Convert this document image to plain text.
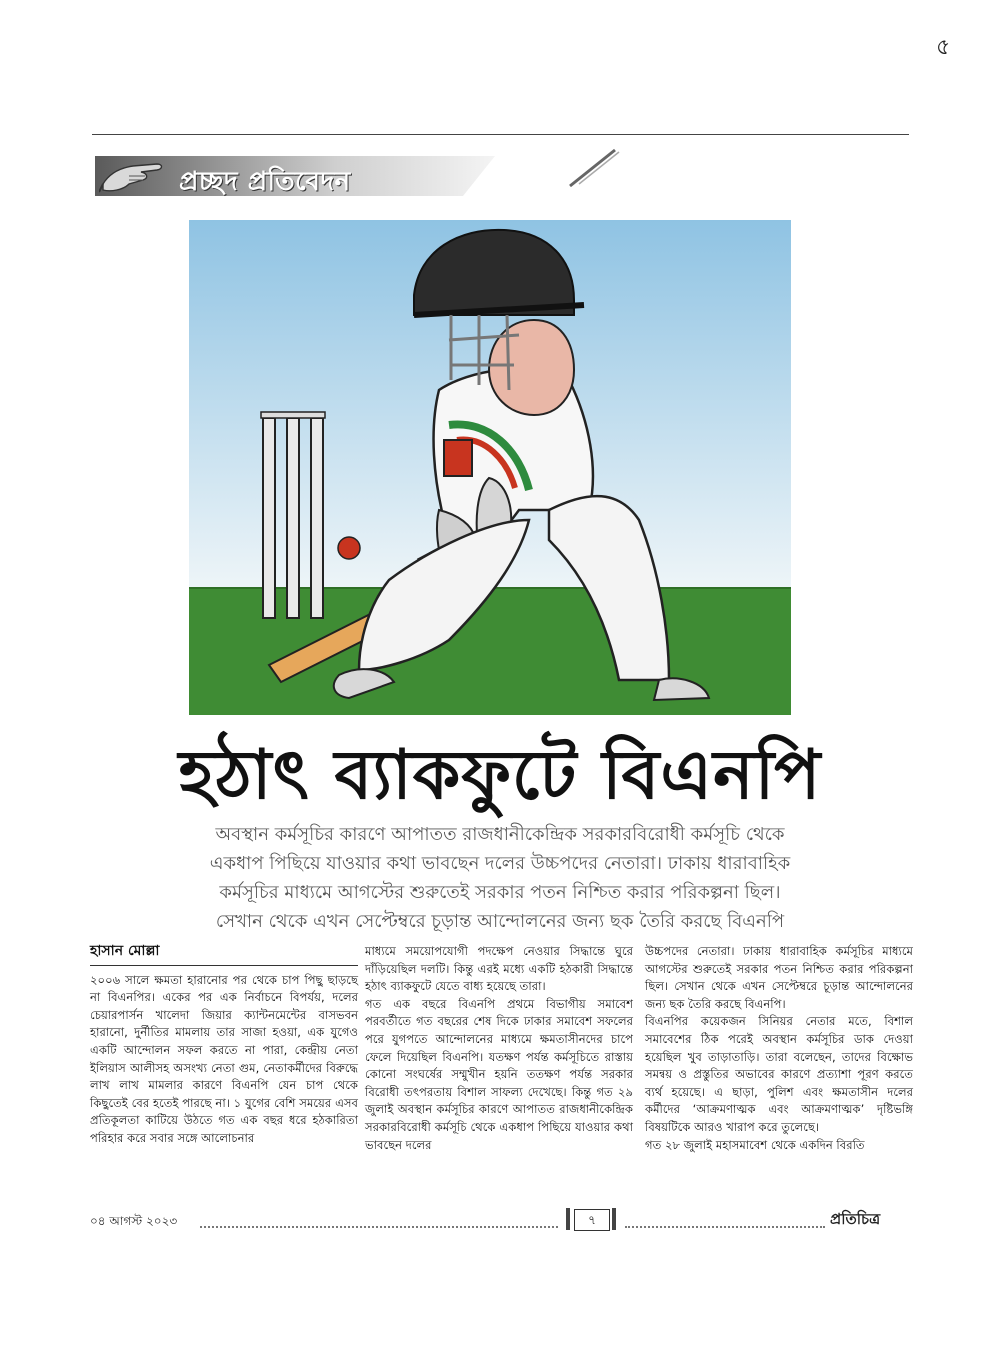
৫
প্রচ্ছদ প্রতিবেদন
হঠাৎ ব্যাকফুটে বিএনপি

অবস্থান কর্মসূচির কারণে আপাতত রাজধানীকেন্দ্রিক সরকারবিরোধী কর্মসূচি থেকে

একধাপ পিছিয়ে যাওয়ার কথা ভাবছেন দলের উচ্চপদের নেতারা। ঢাকায় ধারাবাহিক

কর্মসূচির মাধ্যমে আগস্টের শুরুতেই সরকার পতন নিশ্চিত করার পরিকল্পনা ছিল।

সেখান থেকে এখন সেপ্টেম্বরে চূড়ান্ত আন্দোলনের জন্য ছক তৈরি করছে বিএনপি

হাসান মোল্লা

২০০৬ সালে ক্ষমতা হারানোর পর থেকে চাপ পিছু ছাড়ছে না বিএনপির। একের পর এক নির্বাচনে বিপর্যয়, দলের চেয়ারপার্সন খালেদা জিয়ার ক্যান্টনমেন্টের বাসভবন হারানো, দুর্নীতির মামলায় তার সাজা হওয়া, এক যুগেও একটি আন্দোলন সফল করতে না পারা, কেন্দ্রীয় নেতা ইলিয়াস আলীসহ অসংখ্য নেতা গুম, নেতাকর্মীদের বিরুদ্ধে লাখ লাখ মামলার কারণে বিএনপি যেন চাপ থেকে কিছুতেই বের হতেই পারছে না। ১ যুগের বেশি সময়ের এসব প্রতিকূলতা কাটিয়ে উঠতে গত এক বছর ধরে হঠকারিতা পরিহার করে সবার সঙ্গে আলোচনার

মাধ্যমে সময়োপযোগী পদক্ষেপ নেওয়ার সিদ্ধান্তে ঘুরে দাঁড়িয়েছিল দলটি। কিন্তু এরই মধ্যে একটি হঠকারী সিদ্ধান্তে হঠাৎ ব্যাকফুটে যেতে বাধ্য হয়েছে তারা।

গত এক বছরে বিএনপি প্রথমে বিভাগীয় সমাবেশ পরবর্তীতে গত বছরের শেষ দিকে ঢাকার সমাবেশ সফলের পরে যুগপতে আন্দোলনের মাধ্যমে ক্ষমতাসীনদের চাপে ফেলে দিয়েছিল বিএনপি। যতক্ষণ পর্যন্ত কর্মসূচিতে রাস্তায় কোনো সংঘর্ষের সম্মুখীন হয়নি ততক্ষণ পর্যন্ত সরকার বিরোধী তৎপরতায় বিশাল সাফল্য দেখেছে। কিন্তু গত ২৯ জুলাই অবস্থান কর্মসূচির কারণে আপাতত রাজধানীকেন্দ্রিক সরকারবিরোধী কর্মসূচি থেকে একধাপ পিছিয়ে যাওয়ার কথা ভাবছেন দলের

উচ্চপদের নেতারা। ঢাকায় ধারাবাহিক কর্মসূচির মাধ্যমে আগস্টের শুরুতেই সরকার পতন নিশ্চিত করার পরিকল্পনা ছিল। সেখান থেকে এখন সেপ্টেম্বরে চূড়ান্ত আন্দোলনের জন্য ছক তৈরি করছে বিএনপি।

বিএনপির কয়েকজন সিনিয়র নেতার মতে, বিশাল সমাবেশের ঠিক পরেই অবস্থান কর্মসূচির ডাক দেওয়া হয়েছিল খুব তাড়াতাড়ি। তারা বলেছেন, তাদের বিক্ষোভ সমন্বয় ও প্রস্তুতির অভাবের কারণে প্রত্যাশা পূরণ করতে ব্যর্থ হয়েছে। এ ছাড়া, পুলিশ এবং ক্ষমতাসীন দলের কর্মীদের ‘আক্রমণাত্মক এবং আক্রমণাত্মক’ দৃষ্টিভঙ্গি বিষয়টিকে আরও খারাপ করে তুলেছে।

গত ২৮ জুলাই মহাসমাবেশ থেকে একদিন বিরতি

০৪ আগস্ট ২০২৩	৭	প্রতিচিত্র
